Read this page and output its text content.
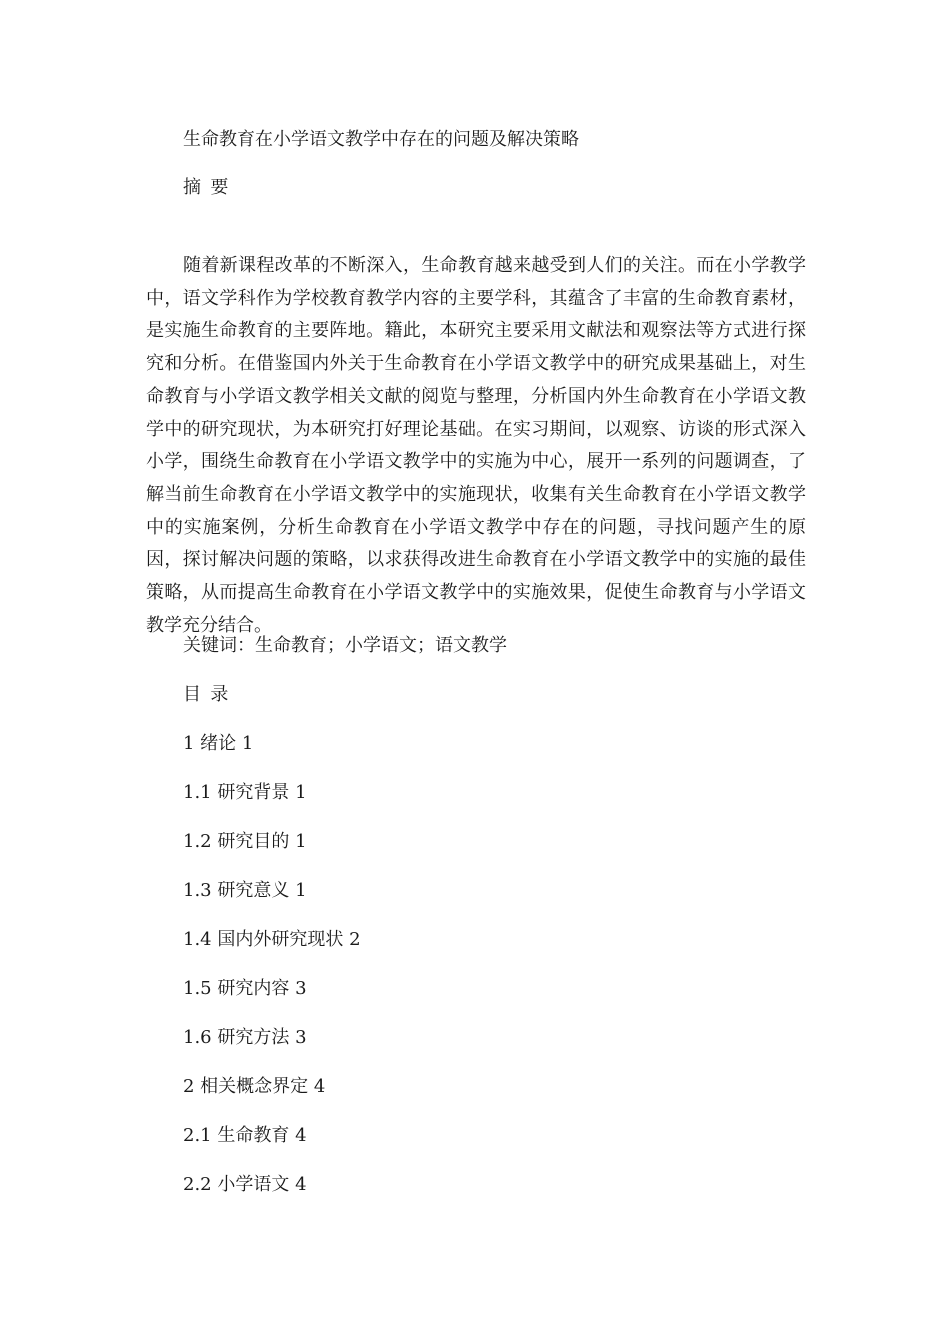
生命教育在小学语文教学中存在的问题及解决策略
摘 要

随着新课程改革的不断深入，生命教育越来越受到人们的关注。而在小学教学中，语文学科作为学校教育教学内容的主要学科，其蕴含了丰富的生命教育素材，是实施生命教育的主要阵地。籍此，本研究主要采用文献法和观察法等方式进行探究和分析。在借鉴国内外关于生命教育在小学语文教学中的研究成果基础上，对生命教育与小学语文教学相关文献的阅览与整理，分析国内外生命教育在小学语文教学中的研究现状，为本研究打好理论基础。在实习期间，以观察、访谈的形式深入小学，围绕生命教育在小学语文教学中的实施为中心，展开一系列的问题调查，了解当前生命教育在小学语文教学中的实施现状，收集有关生命教育在小学语文教学中的实施案例，分析生命教育在小学语文教学中存在的问题，寻找问题产生的原因，探讨解决问题的策略，以求获得改进生命教育在小学语文教学中的实施的最佳策略，从而提高生命教育在小学语文教学中的实施效果，促使生命教育与小学语文教学充分结合。

关键词：生命教育；小学语文；语文教学
目 录
1 绪论 1
1.1 研究背景 1
1.2 研究目的 1
1.3 研究意义 1
1.4 国内外研究现状 2
1.5 研究内容 3
1.6 研究方法 3
2 相关概念界定 4
2.1 生命教育 4
2.2 小学语文 4
